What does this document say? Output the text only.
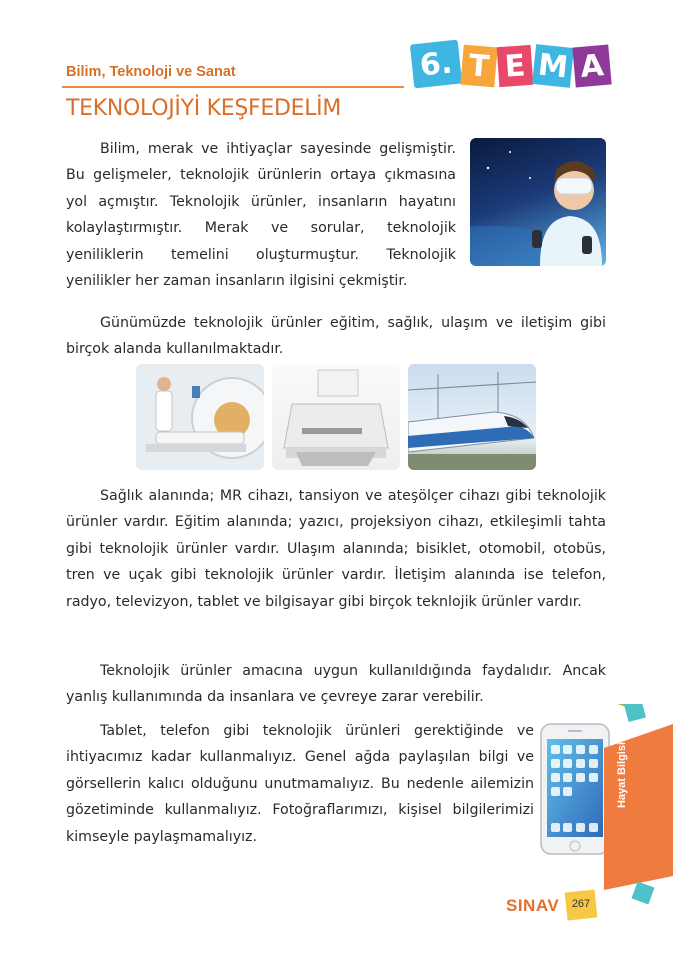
Bilim, Teknoloji ve Sanat	6. T E M A
TEKNOLOJİYİ KEŞFEDELİM
Bilim, merak ve ihtiyaçlar sayesinde gelişmiştir. Bu gelişmeler, teknolojik ürünlerin ortaya çıkmasına yol açmıştır. Teknolojik ürünler, insanların hayatını kolaylaştırmıştır. Merak ve sorular, teknolojik yeniliklerin temelini oluşturmuştur. Teknolojik yenilikler her zaman insanların ilgisini çekmiştir.
Günümüzde teknolojik ürünler eğitim, sağlık, ulaşım ve iletişim gibi birçok alanda kullanılmaktadır.
Sağlık alanında; MR cihazı, tansiyon ve ateşölçer cihazı gibi teknolojik ürünler vardır. Eğitim alanında; yazıcı, projeksiyon cihazı, etkileşimli tahta gibi teknolojik ürünler vardır. Ulaşım alanında; bisiklet, otomobil, otobüs, tren ve uçak gibi teknolojik ürünler vardır. İletişim alanında ise telefon, radyo, televizyon, tablet ve bilgisayar gibi birçok teknlojik ürünler vardır.
Teknolojik ürünler amacına uygun kullanıldığında faydalıdır. Ancak yanlış kullanımında da insanlara ve çevreye zarar verebilir.
Tablet, telefon gibi teknolojik ürünleri gerektiğinde ve ihtiyacımız kadar kullanmalıyız. Genel ağda paylaşılan bilgi ve görsellerin kalıcı olduğunu unutmamalıyız. Bu nedenle ailemizin gözetiminde kullanmalıyız. Fotoğraflarımızı, kişisel bilgilerimizi kimseyle paylaşmamalıyız.
Hayat Bilgisi
SINAV	267
